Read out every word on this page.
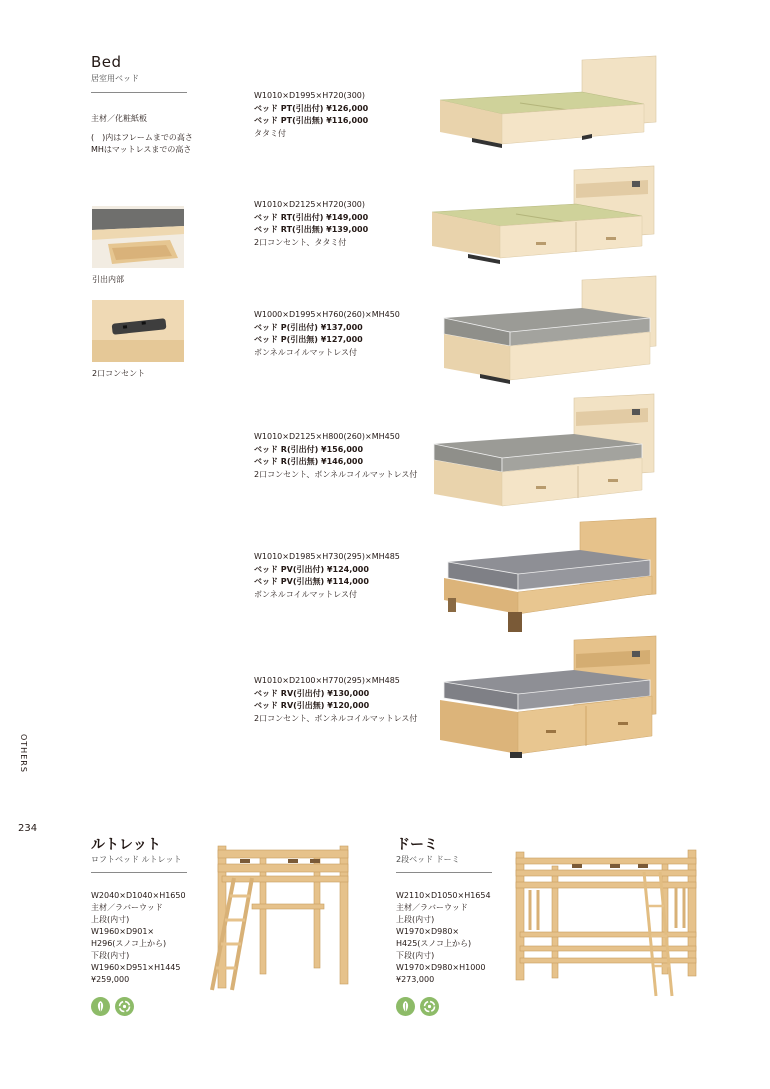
Bed
居室用ベッド
主材／化粧紙板
(　)内はフレームまでの高さ
MHはマットレスまでの高さ
引出内部
2口コンセント
W1010×D1995×H720(300)
ベッド PT(引出付) ¥126,000
ベッド PT(引出無) ¥116,000
タタミ付
W1010×D2125×H720(300)
ベッド RT(引出付) ¥149,000
ベッド RT(引出無) ¥139,000
2口コンセント、タタミ付
W1000×D1995×H760(260)×MH450
ベッド P(引出付) ¥137,000
ベッド P(引出無) ¥127,000
ボンネルコイルマットレス付
W1010×D2125×H800(260)×MH450
ベッド R(引出付) ¥156,000
ベッド R(引出無) ¥146,000
2口コンセント、ボンネルコイルマットレス付
W1010×D1985×H730(295)×MH485
ベッド PV(引出付) ¥124,000
ベッド PV(引出無) ¥114,000
ボンネルコイルマットレス付
W1010×D2100×H770(295)×MH485
ベッド RV(引出付) ¥130,000
ベッド RV(引出無) ¥120,000
2口コンセント、ボンネルコイルマットレス付
OTHERS
234
ルトレット
ロフトベッド ルトレット
W2040×D1040×H1650
主材／ラバーウッド
上段(内寸)
W1960×D901×
H296(スノコ上から)
下段(内寸)
W1960×D951×H1445
¥259,000
ドーミ
2段ベッド ドーミ
W2110×D1050×H1654
主材／ラバーウッド
上段(内寸)
W1970×D980×
H425(スノコ上から)
下段(内寸)
W1970×D980×H1000
¥273,000
